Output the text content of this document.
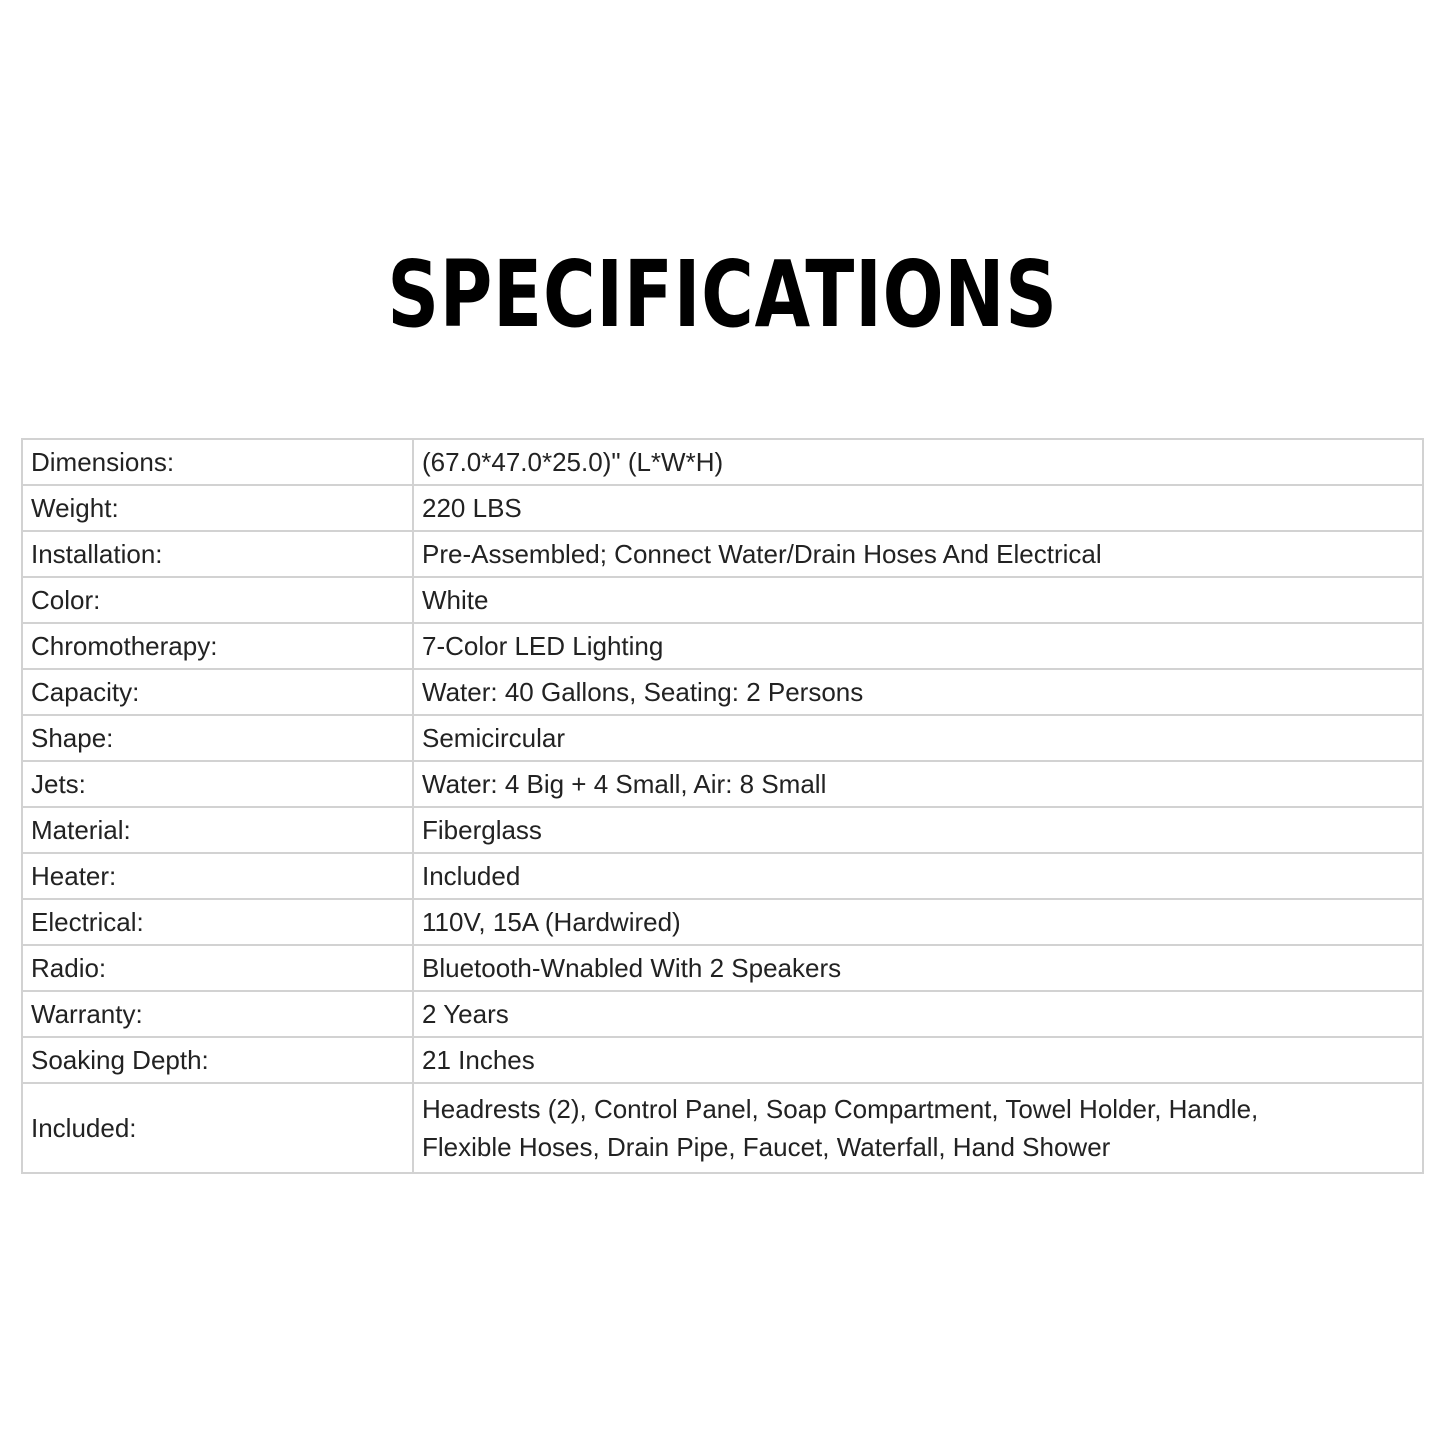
SPECIFICATIONS
Dimensions:	(67.0*47.0*25.0)" (L*W*H)
Weight:	220 LBS
Installation:	Pre-Assembled; Connect Water/Drain Hoses And Electrical
Color:	White
Chromotherapy:	7-Color LED Lighting
Capacity:	Water: 40 Gallons, Seating: 2 Persons
Shape:	Semicircular
Jets:	Water: 4 Big + 4 Small, Air: 8 Small
Material:	Fiberglass
Heater:	Included
Electrical:	110V, 15A (Hardwired)
Radio:	Bluetooth-Wnabled With 2 Speakers
Warranty:	2 Years
Soaking Depth:	21 Inches
Included:	Headrests (2), Control Panel, Soap Compartment, Towel Holder, Handle,
Flexible Hoses, Drain Pipe, Faucet, Waterfall, Hand Shower
